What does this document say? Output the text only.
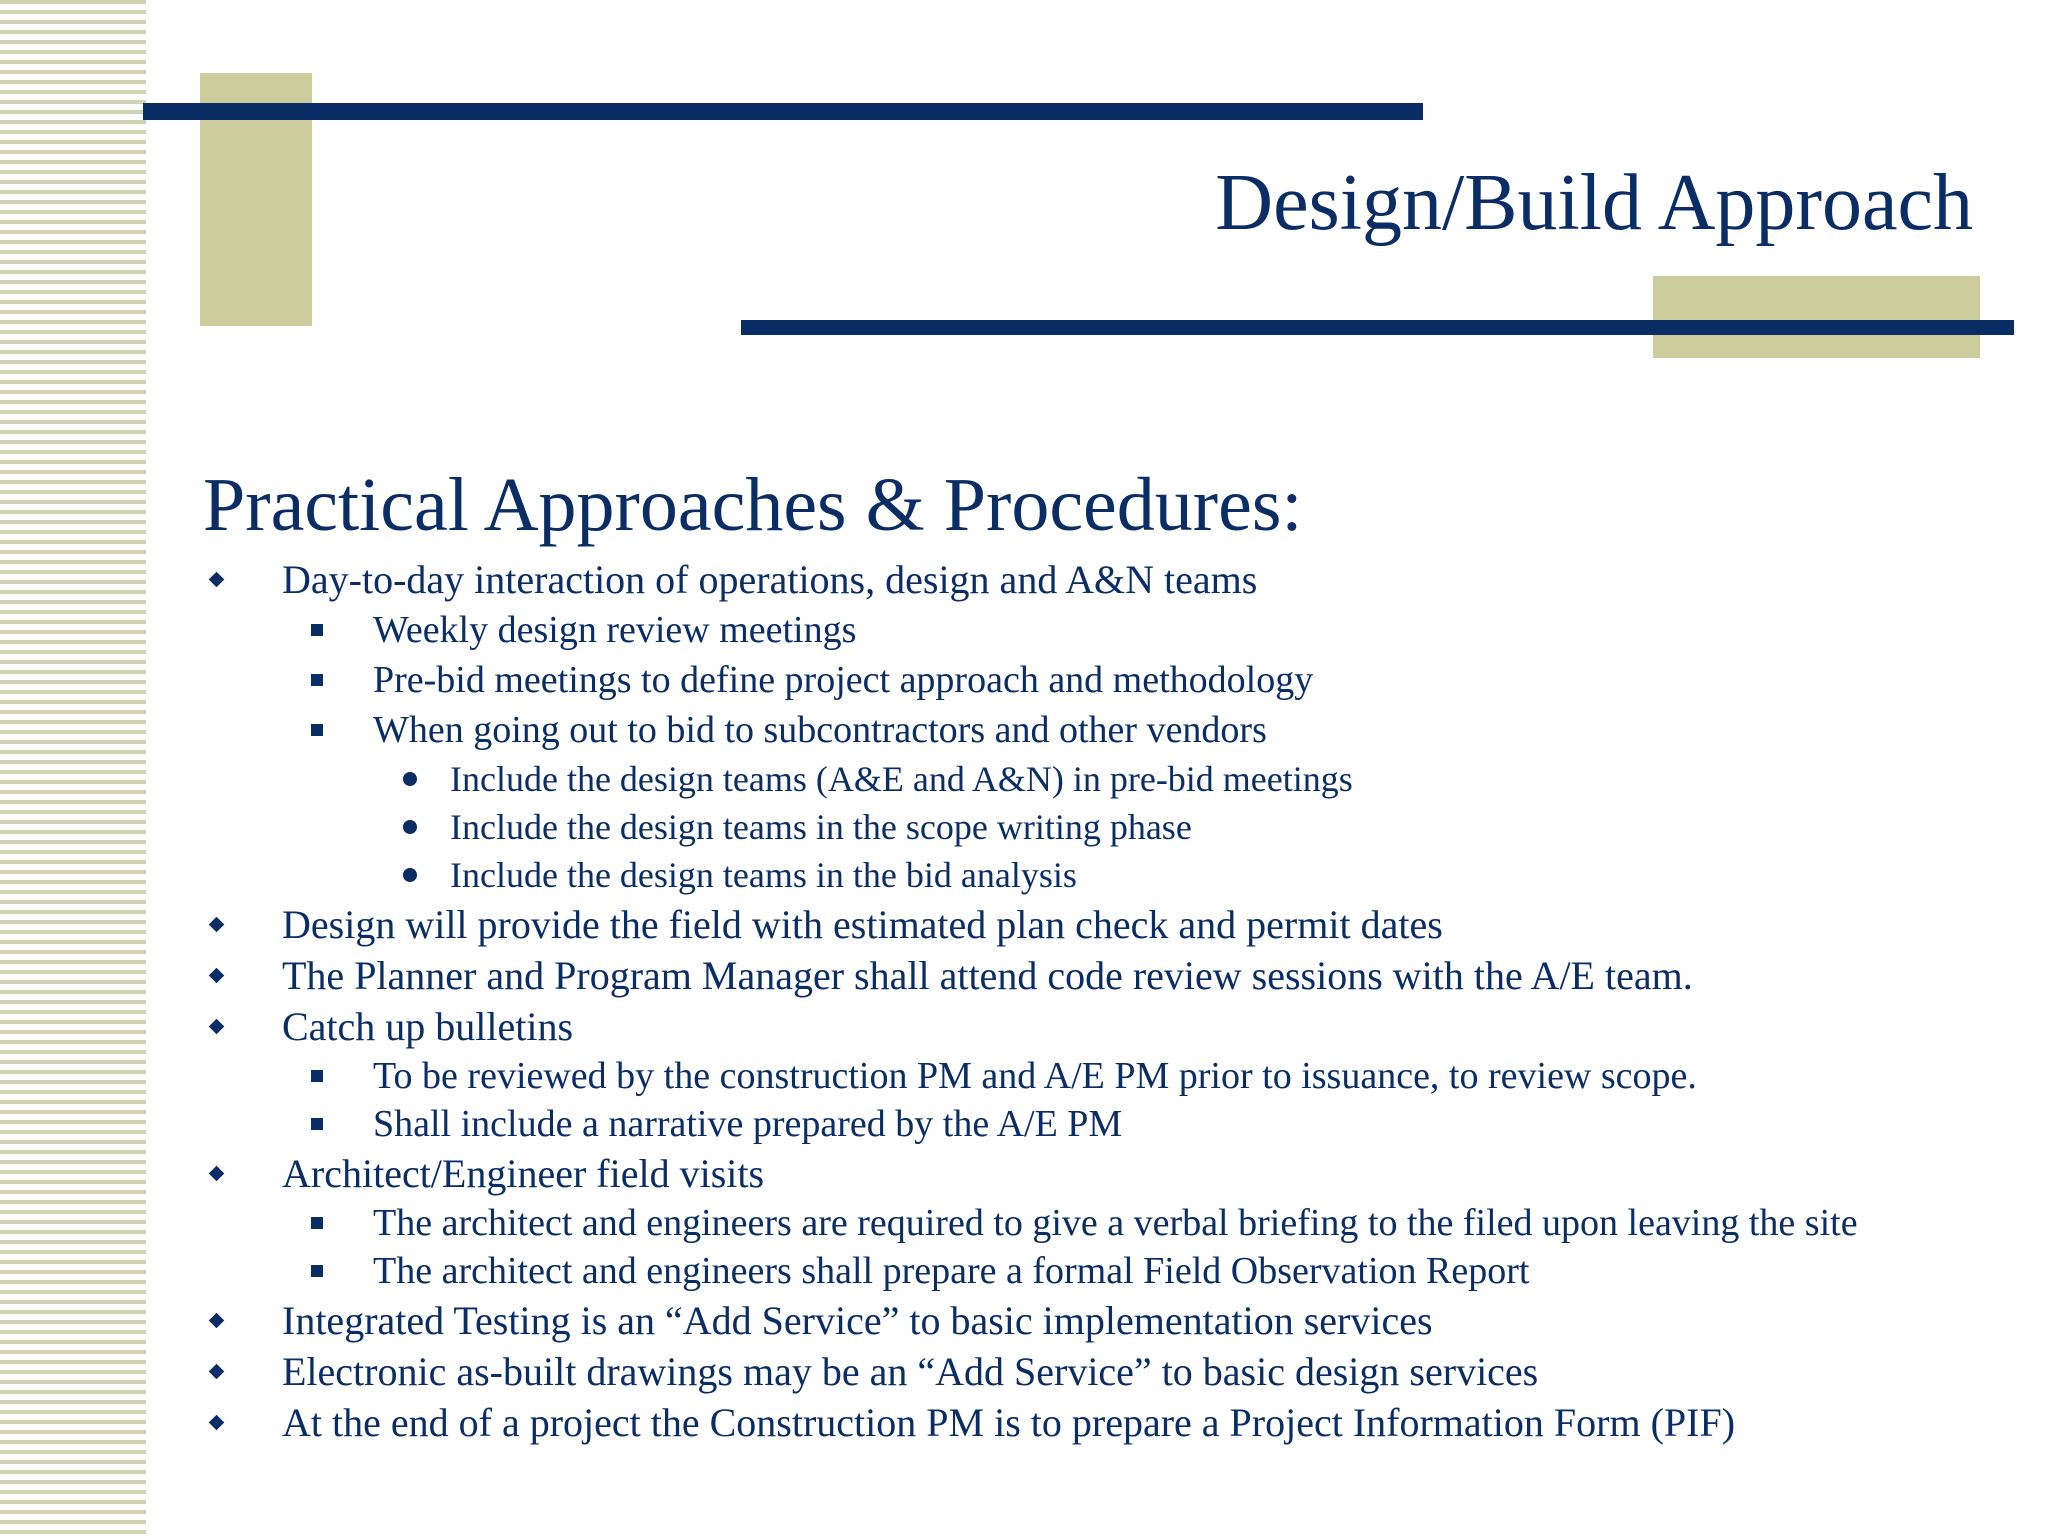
Design/Build Approach
Practical Approaches & Procedures:
Day-to-day interaction of operations, design and A&N teams
Weekly design review meetings
Pre-bid meetings to define project approach and methodology
When going out to bid to subcontractors and other vendors
Include the design teams (A&E and A&N) in pre-bid meetings
Include the design teams in the scope writing phase
Include the design teams in the bid analysis
Design will provide the field with estimated plan check and permit dates
The Planner and Program Manager shall attend code review sessions with the A/E team.
Catch up bulletins
To be reviewed by the construction PM and A/E PM prior to issuance, to review scope.
Shall include a narrative prepared by the A/E PM
Architect/Engineer field visits
The architect and engineers are required to give a verbal briefing to the filed upon leaving the site
The architect and engineers shall prepare a formal Field Observation Report
Integrated Testing is an “Add Service” to basic implementation services
Electronic as-built drawings may be an “Add Service” to basic design services
At the end of a project the Construction PM is to prepare a Project Information Form (PIF)
